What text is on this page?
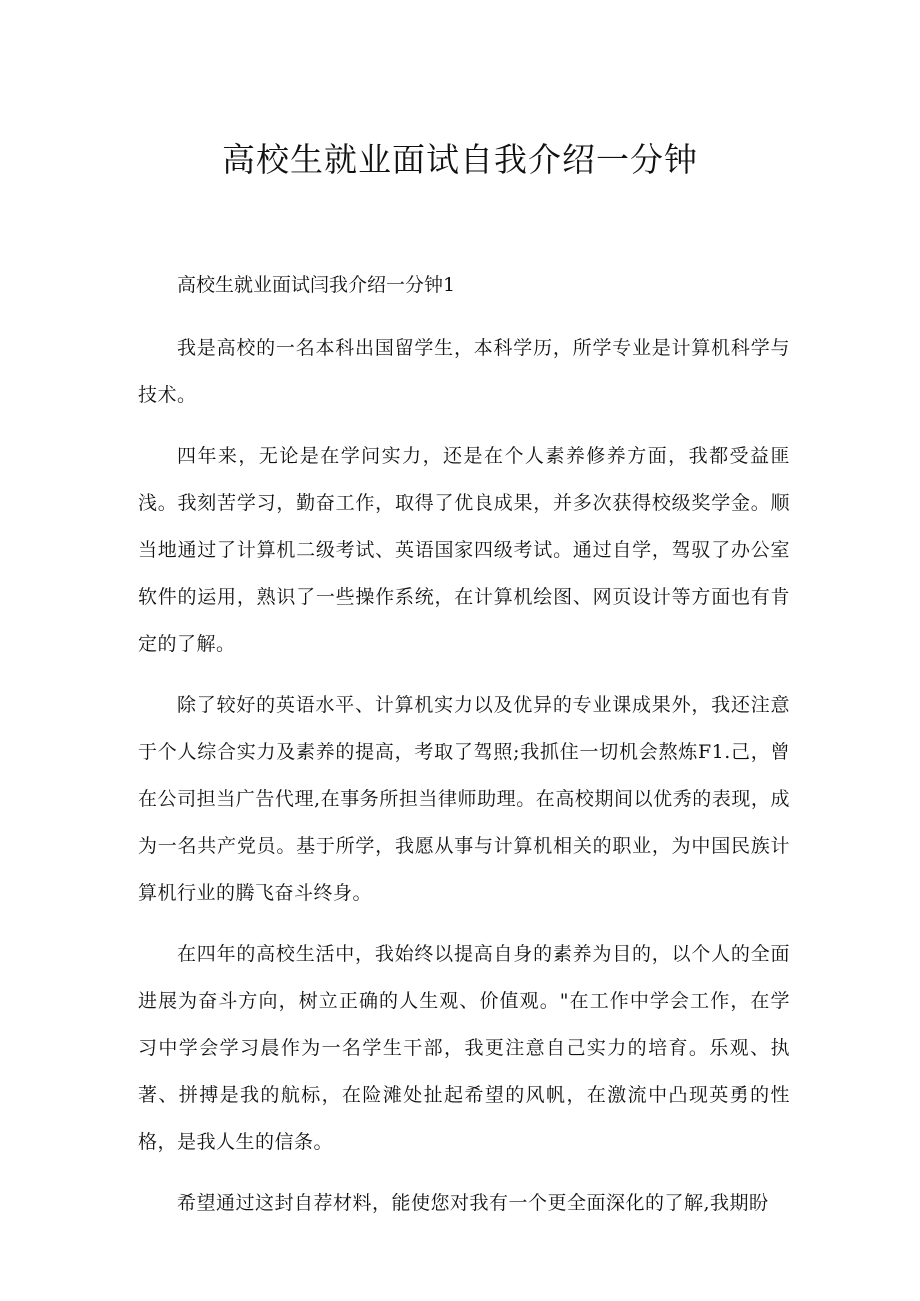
高校生就业面试自我介绍一分钟

高校生就业面试闫我介绍一分钟1

我是高校的一名本科出国留学生，本科学历，所学专业是计算机科学与技术。

四年来，无论是在学问实力，还是在个人素养修养方面，我都受益匪浅。我刻苦学习，勤奋工作，取得了优良成果，并多次获得校级奖学金。顺当地通过了计算机二级考试、英语国家四级考试。通过自学，驾驭了办公室软件的运用，熟识了一些操作系统，在计算机绘图、网页设计等方面也有肯定的了解。

除了较好的英语水平、计算机实力以及优异的专业课成果外，我还注意于个人综合实力及素养的提高，考取了驾照;我抓住一切机会熬炼F1.己，曾在公司担当广告代理,在事务所担当律师助理。在高校期间以优秀的表现，成为一名共产党员。基于所学，我愿从事与计算机相关的职业，为中国民族计算机行业的腾飞奋斗终身。

在四年的高校生活中，我始终以提高自身的素养为目的，以个人的全面进展为奋斗方向，树立正确的人生观、价值观。"在工作中学会工作，在学习中学会学习晨作为一名学生干部，我更注意自己实力的培育。乐观、执著、拼搏是我的航标，在险滩处扯起希望的风帆，在激流中凸现英勇的性格，是我人生的信条。

希望通过这封自荐材料，能使您对我有一个更全面深化的了解,我期盼
